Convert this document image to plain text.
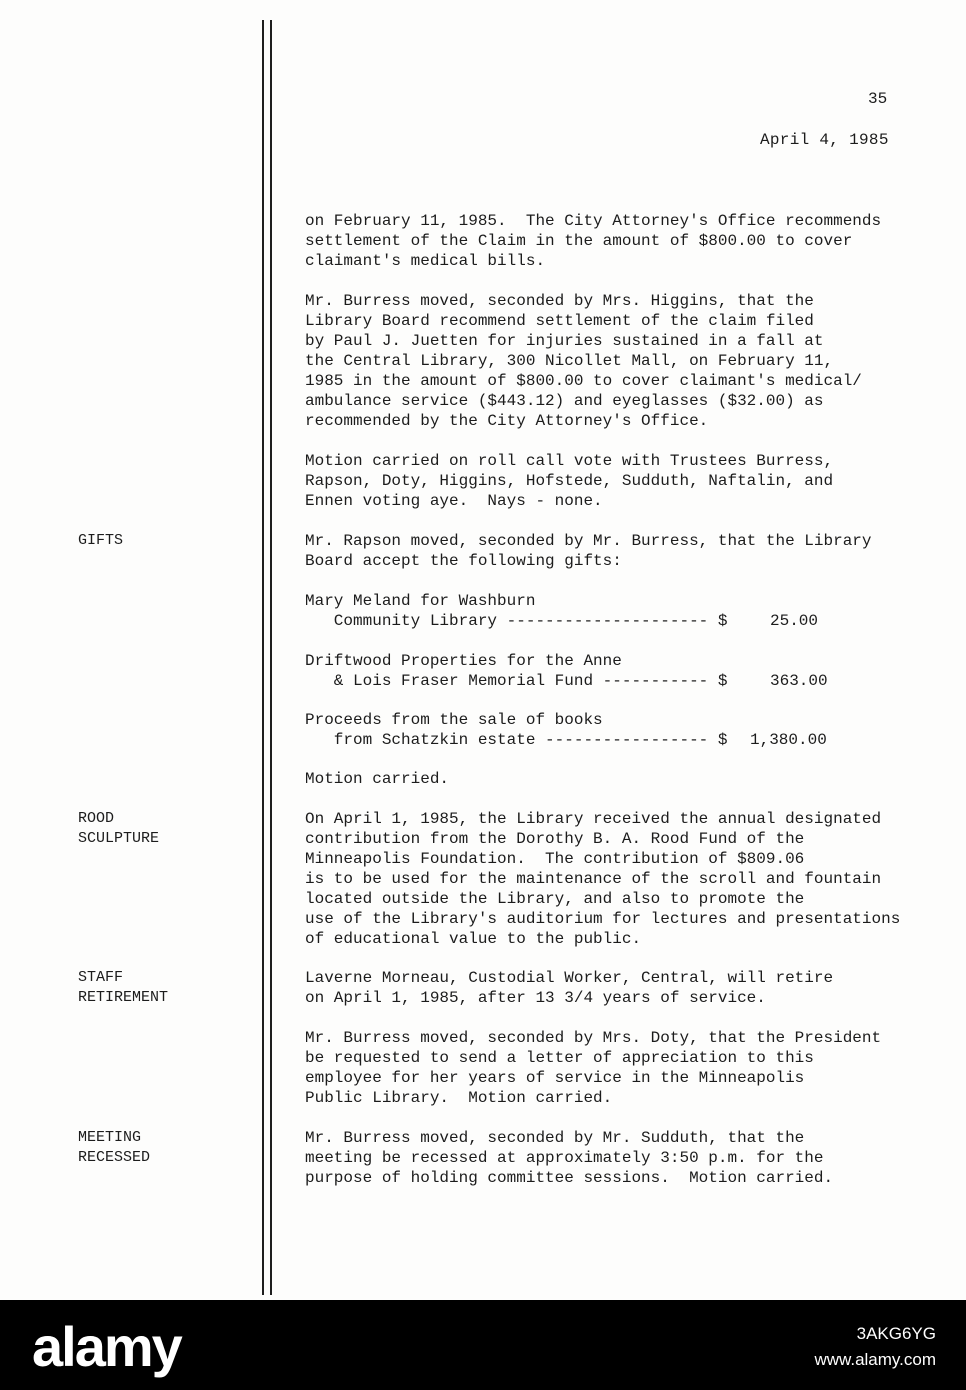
35
April 4, 1985
GIFTS
ROOD
SCULPTURE
STAFF
RETIREMENT
MEETING
RECESSED
on February 11, 1985.  The City Attorney's Office recommends
settlement of the Claim in the amount of $800.00 to cover
claimant's medical bills.
Mr. Burress moved, seconded by Mrs. Higgins, that the
Library Board recommend settlement of the claim filed
by Paul J. Juetten for injuries sustained in a fall at
the Central Library, 300 Nicollet Mall, on February 11,
1985 in the amount of $800.00 to cover claimant's medical/
ambulance service ($443.12) and eyeglasses ($32.00) as
recommended by the City Attorney's Office.
Motion carried on roll call vote with Trustees Burress,
Rapson, Doty, Higgins, Hofstede, Sudduth, Naftalin, and
Ennen voting aye.  Nays - none.
Mr. Rapson moved, seconded by Mr. Burress, that the Library
Board accept the following gifts:
Mary Meland for Washburn
Community Library --------------------- $	25.00
Driftwood Properties for the Anne
& Lois Fraser Memorial Fund ----------- $	363.00
Proceeds from the sale of books
from Schatzkin estate ----------------- $ 1,380.00
Motion carried.
On April 1, 1985, the Library received the annual designated
contribution from the Dorothy B. A. Rood Fund of the
Minneapolis Foundation.  The contribution of $809.06
is to be used for the maintenance of the scroll and fountain
located outside the Library, and also to promote the
use of the Library's auditorium for lectures and presentations
of educational value to the public.
Laverne Morneau, Custodial Worker, Central, will retire
on April 1, 1985, after 13 3/4 years of service.
Mr. Burress moved, seconded by Mrs. Doty, that the President
be requested to send a letter of appreciation to this
employee for her years of service in the Minneapolis
Public Library.  Motion carried.
Mr. Burress moved, seconded by Mr. Sudduth, that the
meeting be recessed at approximately 3:50 p.m. for the
purpose of holding committee sessions.  Motion carried.
alamy	3AKG6YG
www.alamy.com
